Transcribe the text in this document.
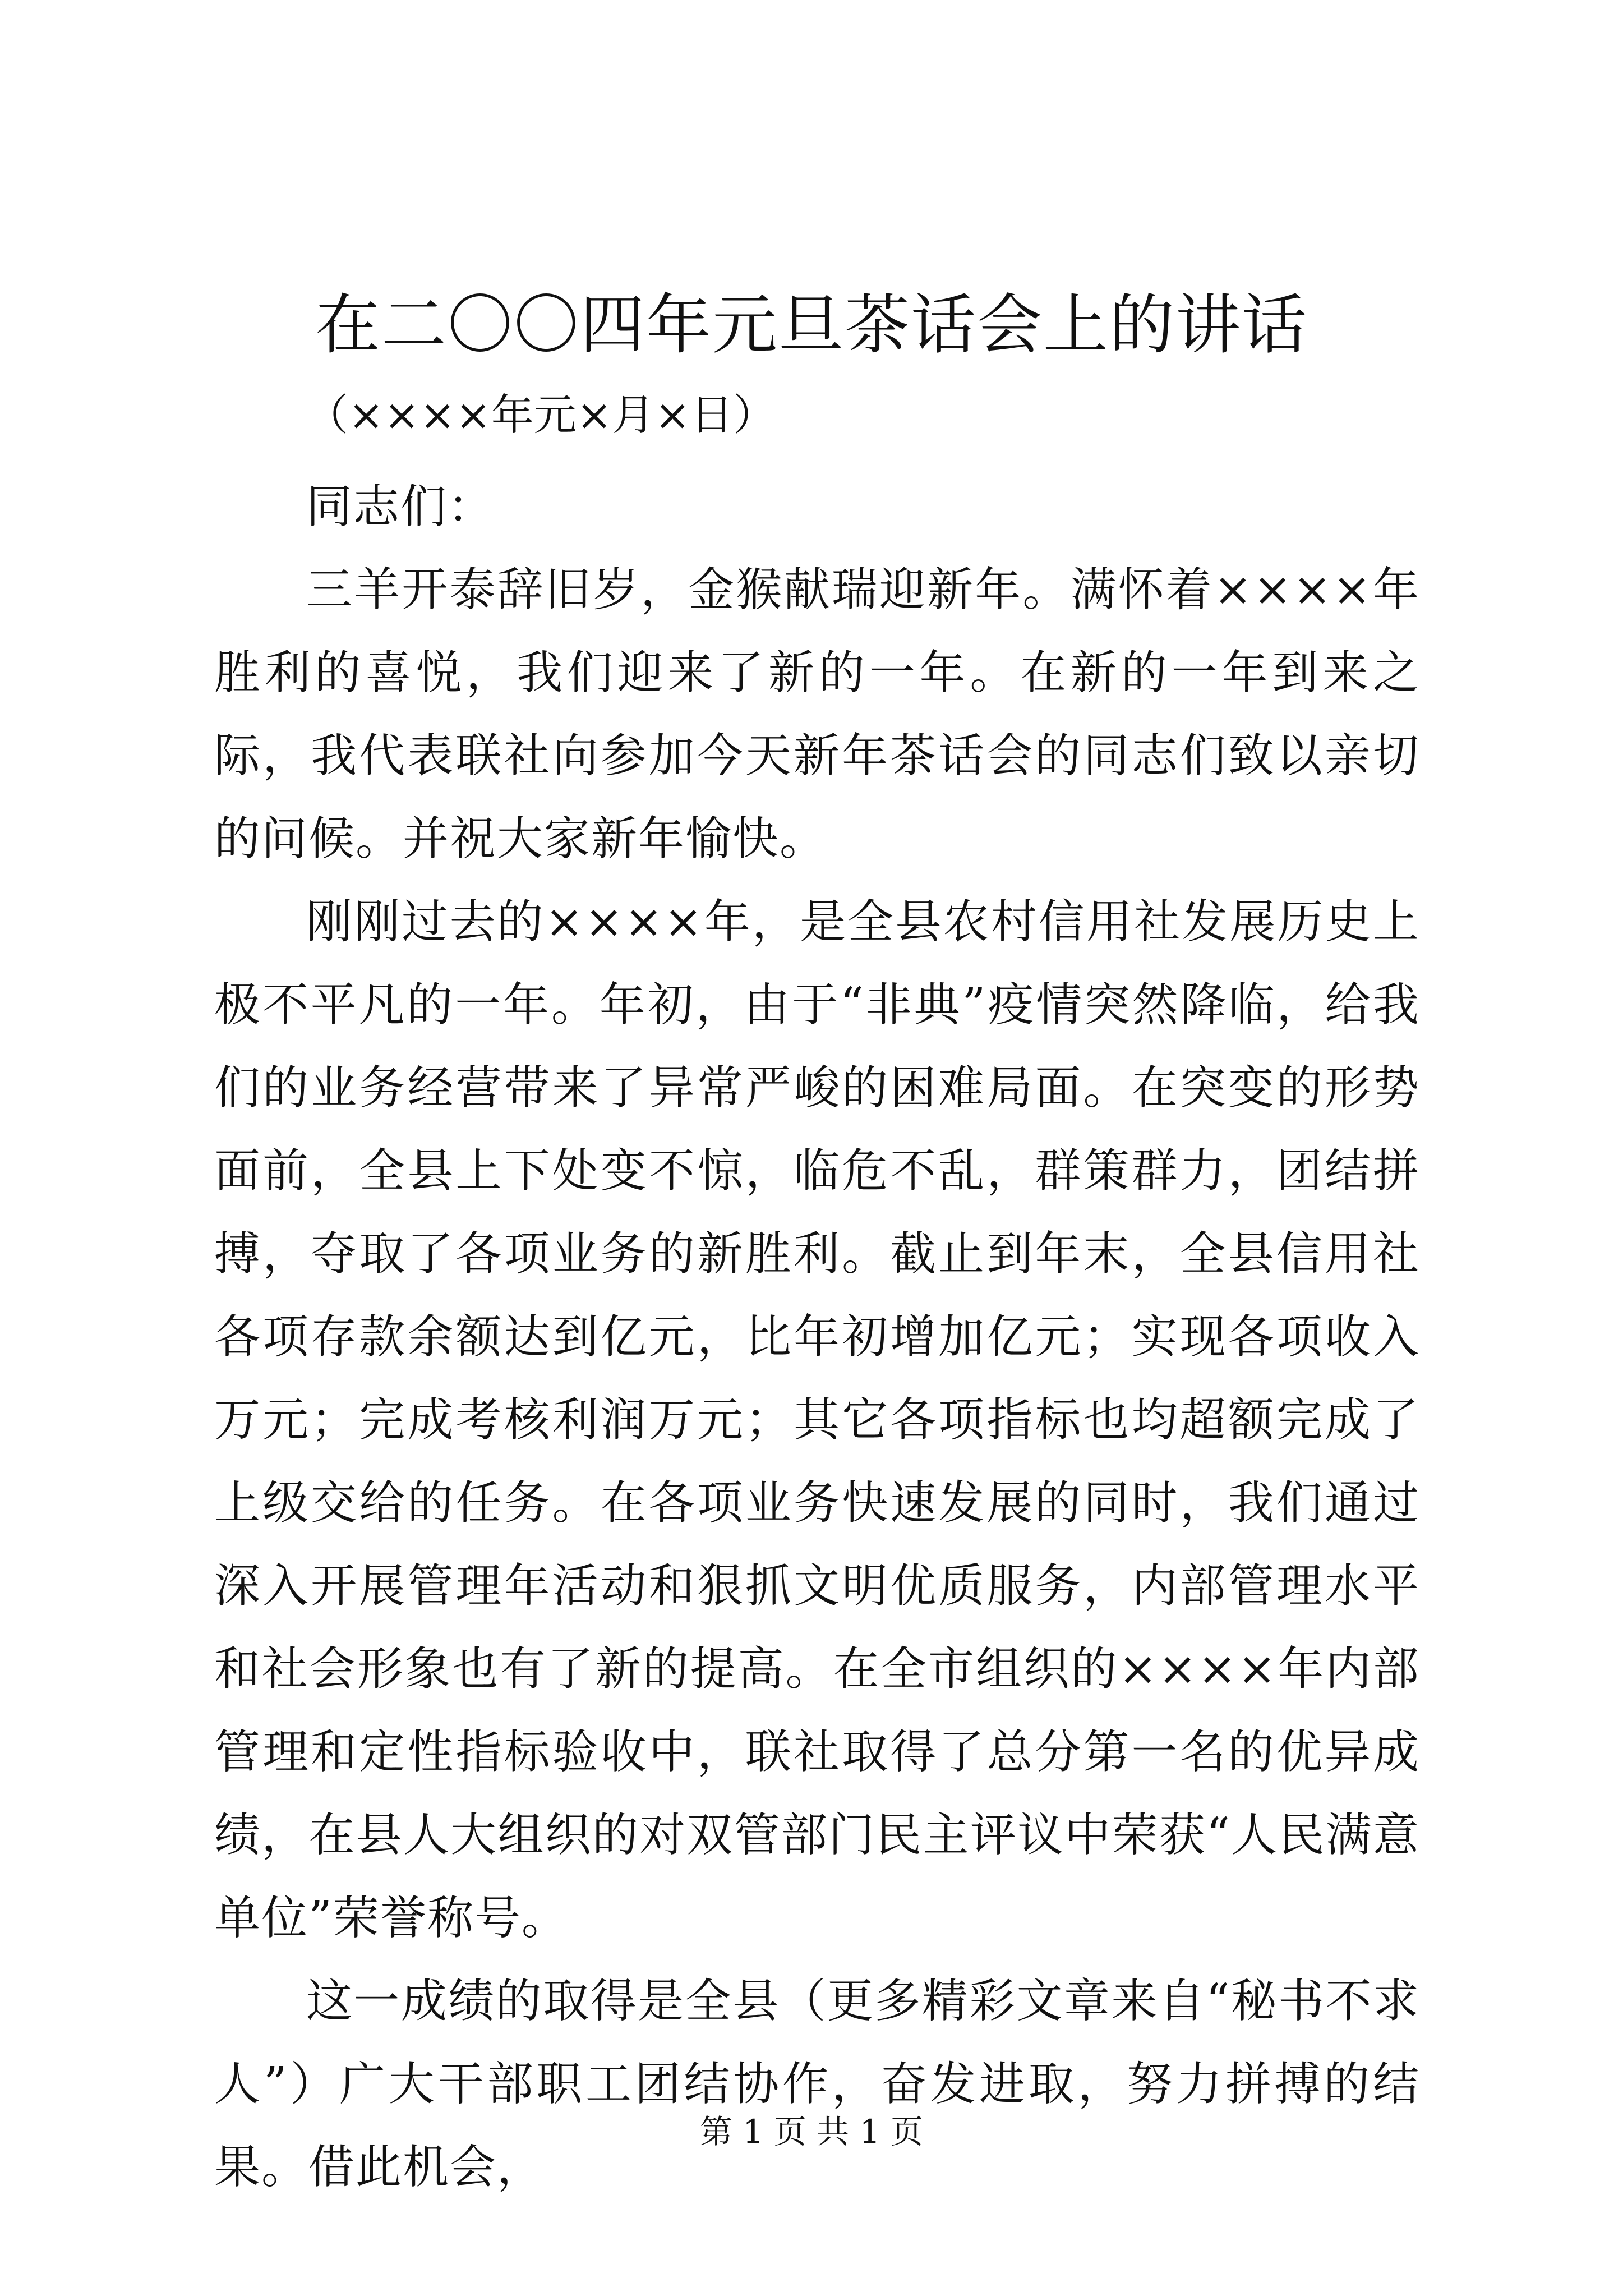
在二〇〇四年元旦茶话会上的讲话
（××××年元×月×日）

同志们：

三羊开泰辞旧岁，金猴献瑞迎新年。满怀着××××年胜利的喜悦，我们迎来了新的一年。在新的一年到来之际，我代表联社向参加今天新年茶话会的同志们致以亲切的问候。并祝大家新年愉快。

刚刚过去的××××年，是全县农村信用社发展历史上极不平凡的一年。年初，由于“非典”疫情突然降临，给我们的业务经营带来了异常严峻的困难局面。在突变的形势面前，全县上下处变不惊，临危不乱，群策群力，团结拼搏，夺取了各项业务的新胜利。截止到年末，全县信用社各项存款余额达到亿元，比年初增加亿元；实现各项收入万元；完成考核利润万元；其它各项指标也均超额完成了上级交给的任务。在各项业务快速发展的同时，我们通过深入开展管理年活动和狠抓文明优质服务，内部管理水平和社会形象也有了新的提高。在全市组织的××××年内部管理和定性指标验收中，联社取得了总分第一名的优异成绩，在县人大组织的对双管部门民主评议中荣获“人民满意单位”荣誉称号。

这一成绩的取得是全县（更多精彩文章来自“秘书不求人”）广大干部职工团结协作，奋发进取，努力拼搏的结果。借此机会，

第 1 页 共 1 页
